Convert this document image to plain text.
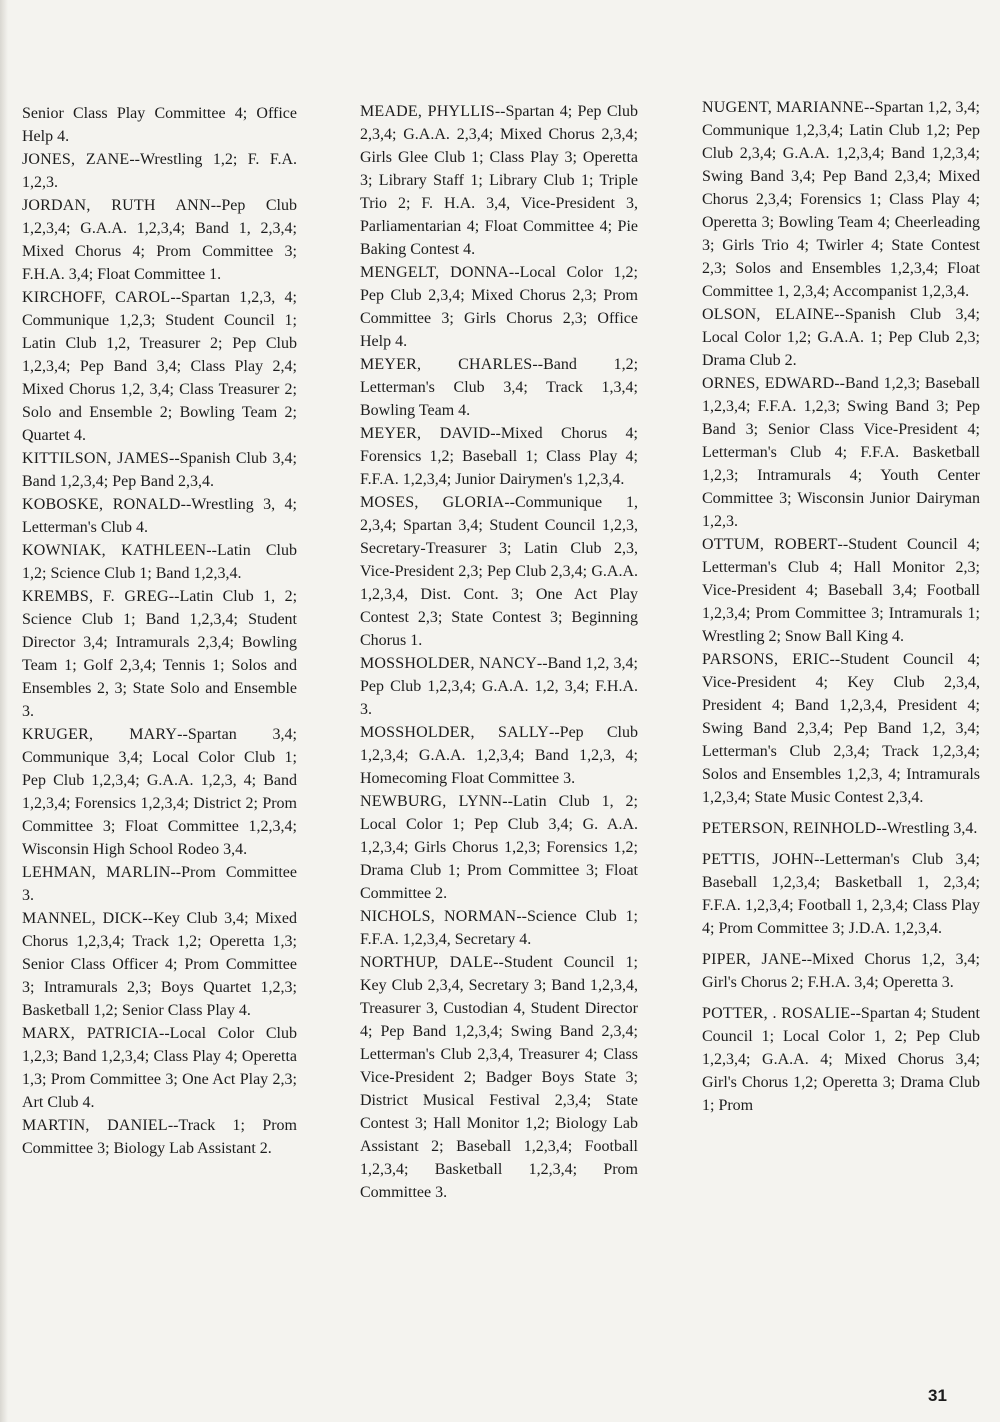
Senior Class Play Committee 4; Office Help 4.

JONES, ZANE--Wrestling 1,2; F. F.A. 1,2,3.

JORDAN, RUTH ANN--Pep Club 1,2,3,4; G.A.A. 1,2,3,4; Band 1, 2,3,4; Mixed Chorus 4; Prom Committee 3; F.H.A. 3,4; Float Committee 1.

KIRCHOFF, CAROL--Spartan 1,2,3, 4; Communique 1,2,3; Student Council 1; Latin Club 1,2, Treasurer 2; Pep Club 1,2,3,4; Pep Band 3,4; Class Play 2,4; Mixed Chorus 1,2, 3,4; Class Treasurer 2; Solo and Ensemble 2; Bowling Team 2; Quartet 4.

KITTILSON, JAMES--Spanish Club 3,4; Band 1,2,3,4; Pep Band 2,3,4.

KOBOSKE, RONALD--Wrestling 3, 4; Letterman's Club 4.

KOWNIAK, KATHLEEN--Latin Club 1,2; Science Club 1; Band 1,2,3,4.

KREMBS, F. GREG--Latin Club 1, 2; Science Club 1; Band 1,2,3,4; Student Director 3,4; Intramurals 2,3,4; Bowling Team 1; Golf 2,3,4; Tennis 1; Solos and Ensembles 2, 3; State Solo and Ensemble 3.

KRUGER, MARY--Spartan 3,4; Communique 3,4; Local Color Club 1; Pep Club 1,2,3,4; G.A.A. 1,2,3, 4; Band 1,2,3,4; Forensics 1,2,3,4; District 2; Prom Committee 3; Float Committee 1,2,3,4; Wisconsin High School Rodeo 3,4.

LEHMAN, MARLIN--Prom Committee 3.

MANNEL, DICK--Key Club 3,4; Mixed Chorus 1,2,3,4; Track 1,2; Operetta 1,3; Senior Class Officer 4; Prom Committee 3; Intramurals 2,3; Boys Quartet 1,2,3; Basketball 1,2; Senior Class Play 4.

MARX, PATRICIA--Local Color Club 1,2,3; Band 1,2,3,4; Class Play 4; Operetta 1,3; Prom Committee 3; One Act Play 2,3; Art Club 4.

MARTIN, DANIEL--Track 1; Prom Committee 3; Biology Lab Assistant 2.

MEADE, PHYLLIS--Spartan 4; Pep Club 2,3,4; G.A.A. 2,3,4; Mixed Chorus 2,3,4; Girls Glee Club 1; Class Play 3; Operetta 3; Library Staff 1; Library Club 1; Triple Trio 2; F. H.A. 3,4, Vice-President 3, Parliamentarian 4; Float Committee 4; Pie Baking Contest 4.

MENGELT, DONNA--Local Color 1,2; Pep Club 2,3,4; Mixed Chorus 2,3; Prom Committee 3; Girls Chorus 2,3; Office Help 4.

MEYER, CHARLES--Band 1,2; Letterman's Club 3,4; Track 1,3,4; Bowling Team 4.

MEYER, DAVID--Mixed Chorus 4; Forensics 1,2; Baseball 1; Class Play 4; F.F.A. 1,2,3,4; Junior Dairymen's 1,2,3,4.

MOSES, GLORIA--Communique 1, 2,3,4; Spartan 3,4; Student Council 1,2,3, Secretary-Treasurer 3; Latin Club 2,3, Vice-President 2,3; Pep Club 2,3,4; G.A.A. 1,2,3,4, Dist. Cont. 3; One Act Play Contest 2,3; State Contest 3; Beginning Chorus 1.

MOSSHOLDER, NANCY--Band 1,2, 3,4; Pep Club 1,2,3,4; G.A.A. 1,2, 3,4; F.H.A. 3.

MOSSHOLDER, SALLY--Pep Club 1,2,3,4; G.A.A. 1,2,3,4; Band 1,2,3, 4; Homecoming Float Committee 3.

NEWBURG, LYNN--Latin Club 1, 2; Local Color 1; Pep Club 3,4; G. A.A. 1,2,3,4; Girls Chorus 1,2,3; Forensics 1,2; Drama Club 1; Prom Committee 3; Float Committee 2.

NICHOLS, NORMAN--Science Club 1; F.F.A. 1,2,3,4, Secretary 4.

NORTHUP, DALE--Student Council 1; Key Club 2,3,4, Secretary 3; Band 1,2,3,4, Treasurer 3, Custodian 4, Student Director 4; Pep Band 1,2,3,4; Swing Band 2,3,4; Letterman's Club 2,3,4, Treasurer 4; Class Vice-President 2; Badger Boys State 3; District Musical Festival 2,3,4; State Contest 3; Hall Monitor 1,2; Biology Lab Assistant 2; Baseball 1,2,3,4; Football 1,2,3,4; Basketball 1,2,3,4; Prom Committee 3.

NUGENT, MARIANNE--Spartan 1,2, 3,4; Communique 1,2,3,4; Latin Club 1,2; Pep Club 2,3,4; G.A.A. 1,2,3,4; Band 1,2,3,4; Swing Band 3,4; Pep Band 2,3,4; Mixed Chorus 2,3,4; Forensics 1; Class Play 4; Operetta 3; Bowling Team 4; Cheerleading 3; Girls Trio 4; Twirler 4; State Contest 2,3; Solos and Ensembles 1,2,3,4; Float Committee 1, 2,3,4; Accompanist 1,2,3,4.

OLSON, ELAINE--Spanish Club 3,4; Local Color 1,2; G.A.A. 1; Pep Club 2,3; Drama Club 2.

ORNES, EDWARD--Band 1,2,3; Baseball 1,2,3,4; F.F.A. 1,2,3; Swing Band 3; Pep Band 3; Senior Class Vice-President 4; Letterman's Club 4; F.F.A. Basketball 1,2,3; Intramurals 4; Youth Center Committee 3; Wisconsin Junior Dairyman 1,2,3.

OTTUM, ROBERT--Student Council 4; Letterman's Club 4; Hall Monitor 2,3; Vice-President 4; Baseball 3,4; Football 1,2,3,4; Prom Committee 3; Intramurals 1; Wrestling 2; Snow Ball King 4.

PARSONS, ERIC--Student Council 4; Vice-President 4; Key Club 2,3,4, President 4; Band 1,2,3,4, President 4; Swing Band 2,3,4; Pep Band 1,2, 3,4; Letterman's Club 2,3,4; Track 1,2,3,4; Solos and Ensembles 1,2,3, 4; Intramurals 1,2,3,4; State Music Contest 2,3,4.

PETERSON, REINHOLD--Wrestling 3,4.

PETTIS, JOHN--Letterman's Club 3,4; Baseball 1,2,3,4; Basketball 1, 2,3,4; F.F.A. 1,2,3,4; Football 1, 2,3,4; Class Play 4; Prom Committee 3; J.D.A. 1,2,3,4.

PIPER, JANE--Mixed Chorus 1,2, 3,4; Girl's Chorus 2; F.H.A. 3,4; Operetta 3.

POTTER, . ROSALIE--Spartan 4; Student Council 1; Local Color 1, 2; Pep Club 1,2,3,4; G.A.A. 4; Mixed Chorus 3,4; Girl's Chorus 1,2; Operetta 3; Drama Club 1; Prom

31
